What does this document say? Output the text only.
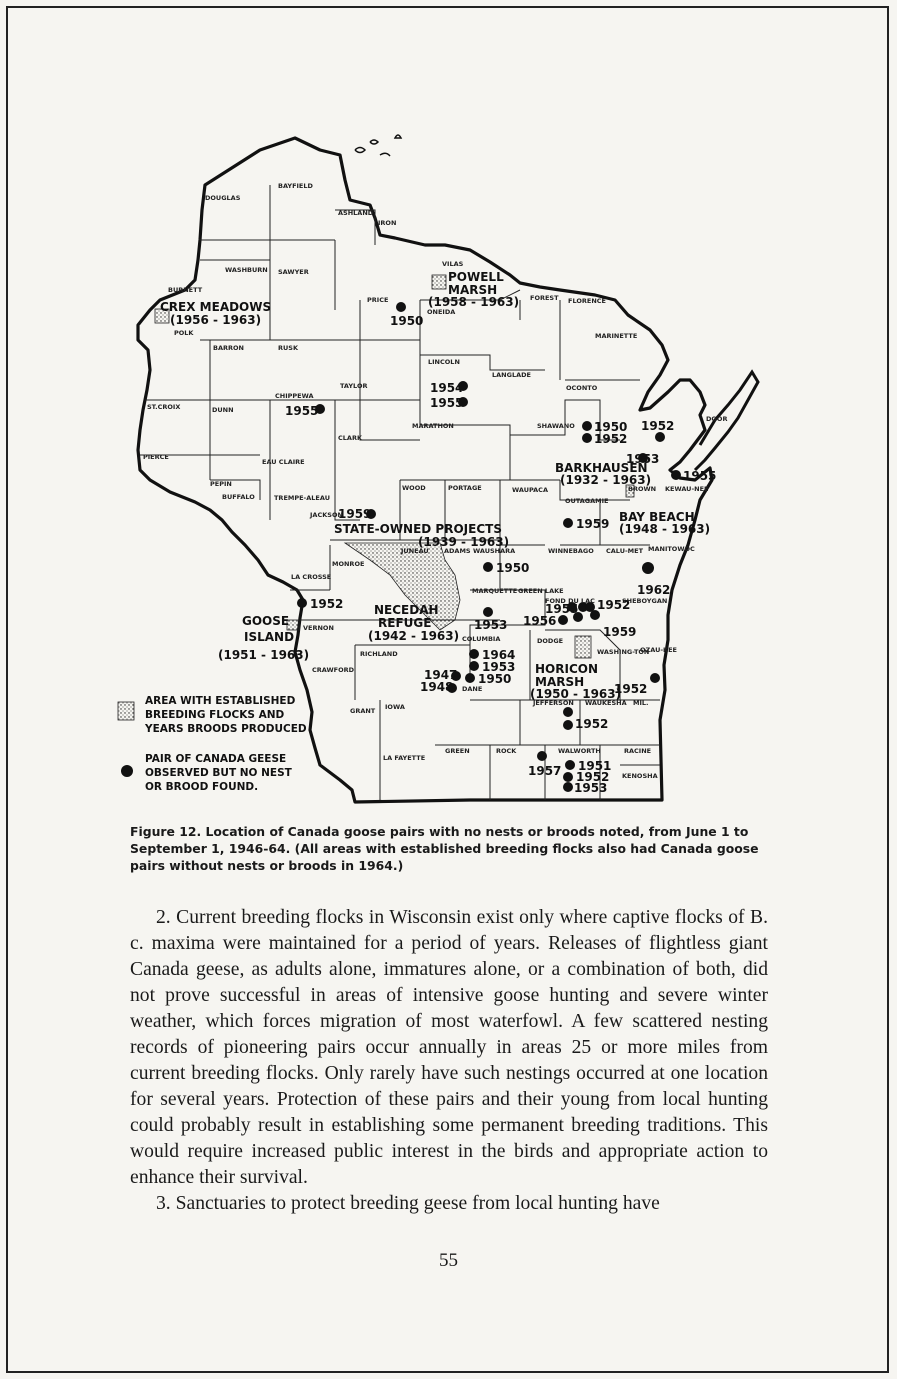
DOUGLAS
BAYFIELD
ASHLAND
IRON
VILAS
WASHBURN SAWYER
BURNETT
PRICE
ONEIDA
FOREST FLORENCE
POLK
BARRON	RUSK
MARINETTE
LINCOLN
LANGLADE
TAYLOR	OCONTO
ST.CROIX	DUNN
CHIPPEWA
MARATHON	SHAWANO
DOOR
CLARK
PIERCE
EAU CLAIRE
PEPIN
BUFFALO	TREMPE-ALEAU
WOOD	PORTAGE	WAUPACA
OUTAGAMIE
BROWN KEWAU-NEE
JACKSON
JUNEAU ADAMS WAUSHARA	WINNEBAGO CALU-MET MANITOWOC
MONROE
LA CROSSE
MARQUETTE GREEN LAKE
FOND DU LAC	SHEBOYGAN
VERNON
COLUMBIA	DODGE
WASHING-TON
OZAU-KEE
RICHLAND
CRAWFORD
DANE
JEFFERSON WAUKESHA MIL.
GRANT IOWA
LA FAYETTE
GREEN	ROCK	WALWORTH	RACINE
KENOSHA
POWELL
MARSH
(1958 - 1963)
CREX MEADOWS
(1956 - 1963)
BARKHAUSEN
(1932 - 1963)
BAY BEACH
(1948 - 1963)
STATE-OWNED PROJECTS
(1939 - 1963)
NECEDAH
REFUGE
(1942 - 1963)
GOOSE
ISLAND
(1951 - 1963)
HORICON
MARSH
(1950 - 1963)
1950
1955
1954
1955
1950
1952
1952
1953
1955
1959
1959
1950
1962
1952
1953
1955
1956
1952
1959
1964
1953
1950
1947
1948	1952
1952
1957 1951
1952
1953
AREA WITH ESTABLISHED
BREEDING FLOCKS AND
YEARS BROODS PRODUCED
PAIR OF CANADA GEESE
OBSERVED BUT NO NEST
OR BROOD FOUND.
Figure 12. Location of Canada goose pairs with no nests or broods noted, from June 1 to September 1, 1946-64. (All areas with established breeding flocks also had Canada goose pairs without nests or broods in 1964.)

2. Current breeding flocks in Wisconsin exist only where captive flocks of B. c. maxima were maintained for a period of years. Releases of flightless giant Canada geese, as adults alone, immatures alone, or a combination of both, did not prove successful in areas of intensive goose hunting and severe winter weather, which forces migration of most waterfowl. A few scattered nesting records of pioneering pairs occur annually in areas 25 or more miles from current breeding flocks. Only rarely have such nestings occurred at one location for several years. Protection of these pairs and their young from local hunting could probably result in establishing some permanent breeding traditions. This would require increased public interest in the birds and appropriate action to enhance their survival.

3. Sanctuaries to protect breeding geese from local hunting have

55
